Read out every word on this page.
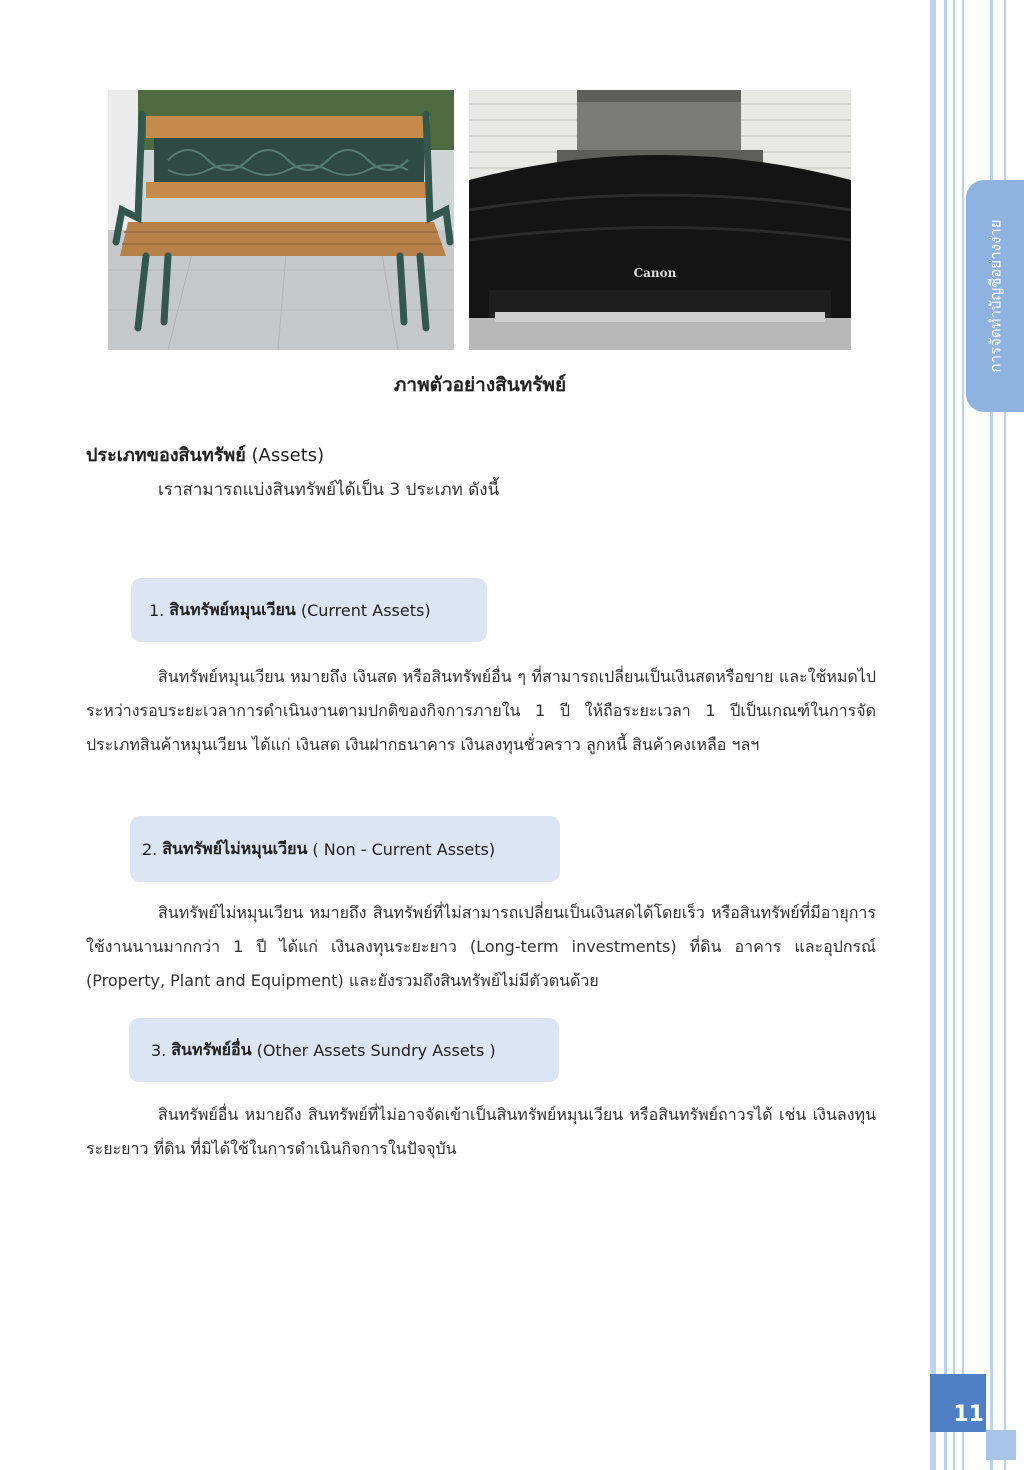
การจัดทำบัญชีอย่างง่าย
Canon
ภาพตัวอย่างสินทรัพย์
ประเภทของสินทรัพย์ (Assets)
เราสามารถแบ่งสินทรัพย์ได้เป็น 3 ประเภท ดังนี้
1. สินทรัพย์หมุนเวียน (Current Assets)

สินทรัพย์หมุนเวียน หมายถึง เงินสด หรือสินทรัพย์อื่น ๆ ที่สามารถเปลี่ยนเป็นเงินสดหรือขาย และใช้หมดไประหว่างรอบระยะเวลาการดำเนินงานตามปกติของกิจการภายใน 1 ปี ให้ถือระยะเวลา 1 ปีเป็นเกณฑ์ในการจัดประเภทสินค้าหมุนเวียน ได้แก่ เงินสด เงินฝากธนาคาร เงินลงทุนชั่วคราว ลูกหนี้ สินค้าคงเหลือ ฯลฯ

2. สินทรัพย์ไม่หมุนเวียน ( Non - Current Assets)

สินทรัพย์ไม่หมุนเวียน หมายถึง สินทรัพย์ที่ไม่สามารถเปลี่ยนเป็นเงินสดได้โดยเร็ว หรือสินทรัพย์ที่มีอายุการใช้งานนานมากกว่า 1 ปี ได้แก่ เงินลงทุนระยะยาว (Long-term investments) ที่ดิน อาคาร และอุปกรณ์ (Property, Plant and Equipment) และยังรวมถึงสินทรัพย์ไม่มีตัวตนด้วย

3. สินทรัพย์อื่น (Other Assets Sundry Assets )

สินทรัพย์อื่น หมายถึง สินทรัพย์ที่ไม่อาจจัดเข้าเป็นสินทรัพย์หมุนเวียน หรือสินทรัพย์ถาวรได้ เช่น เงินลงทุนระยะยาว ที่ดิน ที่มิได้ใช้ในการดำเนินกิจการในปัจจุบัน

11
